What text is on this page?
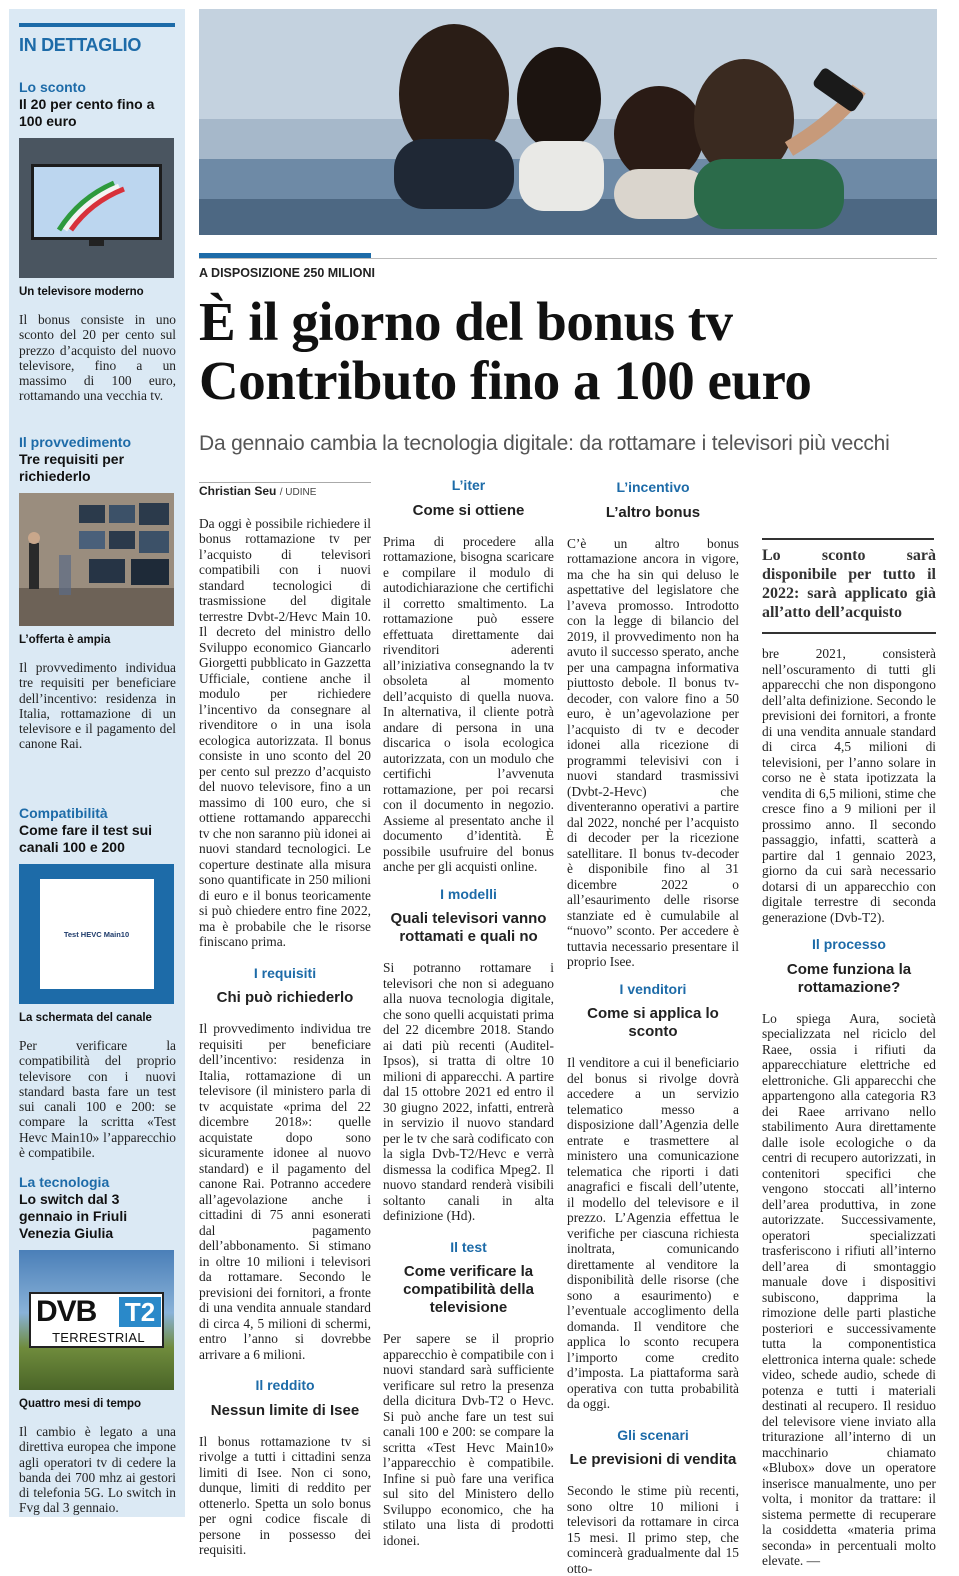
IN DETTAGLIO
Lo sconto
Il 20 per cento fino a 100 euro
Un televisore moderno
Il bonus consiste in uno sconto del 20 per cento sul prezzo d’acquisto del nuovo televisore, fino a un massimo di 100 euro, rottamando una vecchia tv.
Il provvedimento
Tre requisiti per richiederlo
L’offerta è ampia
Il provvedimento individua tre requisiti per beneficiare dell’incentivo: residenza in Italia, rottamazione di un televisore e il pagamento del canone Rai.
Compatibilità
Come fare il test sui canali 100 e 200
Test HEVC Main10
La schermata del canale
Per verificare la compatibilità del proprio televisore con i nuovi standard basta fare un test sui canali 100 e 200: se compare la scritta «Test Hevc Main10» l’apparecchio è compatibile.
La tecnologia
Lo switch dal 3 gennaio in Friuli Venezia Giulia
DVB T2
TERRESTRIAL
Quattro mesi di tempo
Il cambio è legato a una direttiva europea che impone agli operatori tv di cedere la banda dei 700 mhz ai gestori di telefonia 5G. Lo switch in Fvg dal 3 gennaio.
A DISPOSIZIONE 250 MILIONI
È il giorno del bonus tv
Contributo fino a 100 euro
Da gennaio cambia la tecnologia digitale: da rottamare i televisori più vecchi
Christian Seu / UDINE

Da oggi è possibile richiedere il bonus rottamazione tv per l’acquisto di televisori compatibili con i nuovi standard tecnologici di trasmissione del digitale terrestre Dvbt-2/Hevc Main 10. Il decreto del ministro dello Sviluppo economico Giancarlo Giorgetti pubblicato in Gazzetta Ufficiale, contiene anche il modulo per richiedere l’incentivo da consegnare al rivenditore o in una isola ecologica autorizzata. Il bonus consiste in uno sconto del 20 per cento sul prezzo d’acquisto del nuovo televisore, fino a un massimo di 100 euro, che si ottiene rottamando apparecchi tv che non saranno più idonei ai nuovi standard tecnologici. Le coperture destinate alla misura sono quantificate in 250 milioni di euro e il bonus teoricamente si può chiedere entro fine 2022, ma è probabile che le risorse finiscano prima.

I requisiti
Chi può richiederlo

Il provvedimento individua tre requisiti per beneficiare dell’incentivo: residenza in Italia, rottamazione di un televisore (il ministero parla di tv acquistate «prima del 22 dicembre 2018»: quelle acquistate dopo sono sicuramente idonee al nuovo standard) e il pagamento del canone Rai. Potranno accedere all’agevolazione anche i cittadini di 75 anni esonerati dal pagamento dell’abbonamento. Si stimano in oltre 10 milioni i televisori da rottamare. Secondo le previsioni dei fornitori, a fronte di una vendita annuale standard di circa 4, 5 milioni di schermi, entro l’anno si dovrebbe arrivare a 6 milioni.

Il reddito
Nessun limite di Isee

Il bonus rottamazione tv si rivolge a tutti i cittadini senza limiti di Isee. Non ci sono, dunque, limiti di reddito per ottenerlo. Spetta un solo bonus per ogni codice fiscale di persone in possesso dei requisiti.

L’iter
Come si ottiene

Prima di procedere alla rottamazione, bisogna scaricare e compilare il modulo di autodichiarazione che certifichi il corretto smaltimento. La rottamazione può essere effettuata direttamente dai rivenditori aderenti all’iniziativa consegnando la tv obsoleta al momento dell’acquisto di quella nuova. In alternativa, il cliente potrà andare di persona in una discarica o isola ecologica autorizzata, con un modulo che certifichi l’avvenuta rottamazione, per poi recarsi con il documento in negozio. Assieme al presentato anche il documento d’identità. È possibile usufruire del bonus anche per gli acquisti online.

I modelli
Quali televisori vanno rottamati e quali no

Si potranno rottamare i televisori che non si adeguano alla nuova tecnologia digitale, che sono quelli acquistati prima del 22 dicembre 2018. Stando ai dati più recenti (Auditel-Ipsos), si tratta di oltre 10 milioni di apparecchi. A partire dal 15 ottobre 2021 ed entro il 30 giugno 2022, infatti, entrerà in servizio il nuovo standard per le tv che sarà codificato con la sigla Dvb-T2/Hevc e verrà dismessa la codifica Mpeg2. Il nuovo standard renderà visibili soltanto canali in alta definizione (Hd).

Il test
Come verificare la compatibilità della televisione

Per sapere se il proprio apparecchio è compatibile con i nuovi standard sarà sufficiente verificare sul retro la presenza della dicitura Dvb-T2 o Hevc. Si può anche fare un test sui canali 100 e 200: se compare la scritta «Test Hevc Main10» l’apparecchio è compatibile. Infine si può fare una verifica sul sito del Ministero dello Sviluppo economico, che ha stilato una lista di prodotti idonei.

L’incentivo
L’altro bonus

C’è un altro bonus rottamazione ancora in vigore, ma che ha sin qui deluso le aspettative del legislatore che l’aveva promosso. Introdotto con la legge di bilancio del 2019, il provvedimento non ha avuto il successo sperato, anche per una campagna informativa piuttosto debole. Il bonus tv-decoder, con valore fino a 50 euro, è un’agevolazione per l’acquisto di tv e decoder idonei alla ricezione di programmi televisivi con i nuovi standard trasmissivi (Dvbt-2-Hevc) che diventeranno operativi a partire dal 2022, nonché per l’acquisto di decoder per la ricezione satellitare. Il bonus tv-decoder è disponibile fino al 31 dicembre 2022 o all’esaurimento delle risorse stanziate ed è cumulabile al “nuovo” sconto. Per accedere è tuttavia necessario presentare il proprio Isee.

I venditori
Come si applica lo sconto

Il venditore a cui il beneficiario del bonus si rivolge dovrà accedere a un servizio telematico messo a disposizione dall’Agenzia delle entrate e trasmettere al ministero una comunicazione telematica che riporti i dati anagrafici e fiscali dell’utente, il modello del televisore e il prezzo. L’Agenzia effettua le verifiche per ciascuna richiesta inoltrata, comunicando direttamente al venditore la disponibilità delle risorse (che sono a esaurimento) e l’eventuale accoglimento della domanda. Il venditore che applica lo sconto recupera l’importo come credito d’imposta. La piattaforma sarà operativa con tutta probabilità da oggi.

Gli scenari
Le previsioni di vendita

Secondo le stime più recenti, sono oltre 10 milioni i televisori da rottamare in circa 15 mesi. Il primo step, che comincerà gradualmente dal 15 otto-

Lo sconto sarà disponibile per tutto il 2022: sarà applicato già all’atto dell’acquisto

bre 2021, consisterà nell’oscuramento di tutti gli apparecchi che non dispongono dell’alta definizione. Secondo le previsioni dei fornitori, a fronte di una vendita annuale standard di circa 4,5 milioni di televisioni, per l’anno solare in corso ne è stata ipotizzata la vendita di 6,5 milioni, stime che cresce fino a 9 milioni per il prossimo anno. Il secondo passaggio, infatti, scatterà a partire dal 1 gennaio 2023, giorno da cui sarà necessario dotarsi di un apparecchio con digitale terrestre di seconda generazione (Dvb-T2).

Il processo
Come funziona la rottamazione?

Lo spiega Aura, società specializzata nel riciclo del Raee, ossia i rifiuti da apparecchiature elettriche ed elettroniche. Gli apparecchi che appartengono alla categoria R3 dei Raee arrivano nello stabilimento Aura direttamente dalle isole ecologiche o da centri di recupero autorizzati, in contenitori specifici che vengono stoccati all’interno dell’area produttiva, in zone autorizzate. Successivamente, operatori specializzati trasferiscono i rifiuti all’interno dell’area di smontaggio manuale dove i dispositivi subiscono, dapprima la rimozione delle parti plastiche posteriori e successivamente tutta la componentistica elettronica interna quale: schede video, schede audio, schede di potenza e tutti i materiali destinati al recupero. Il residuo del televisore viene inviato alla triturazione all’interno di un macchinario chiamato «Blubox» dove un operatore inserisce manualmente, uno per volta, i monitor da trattare: il sistema permette di recuperare la cosiddetta «materia prima seconda» in percentuali molto elevate. —
